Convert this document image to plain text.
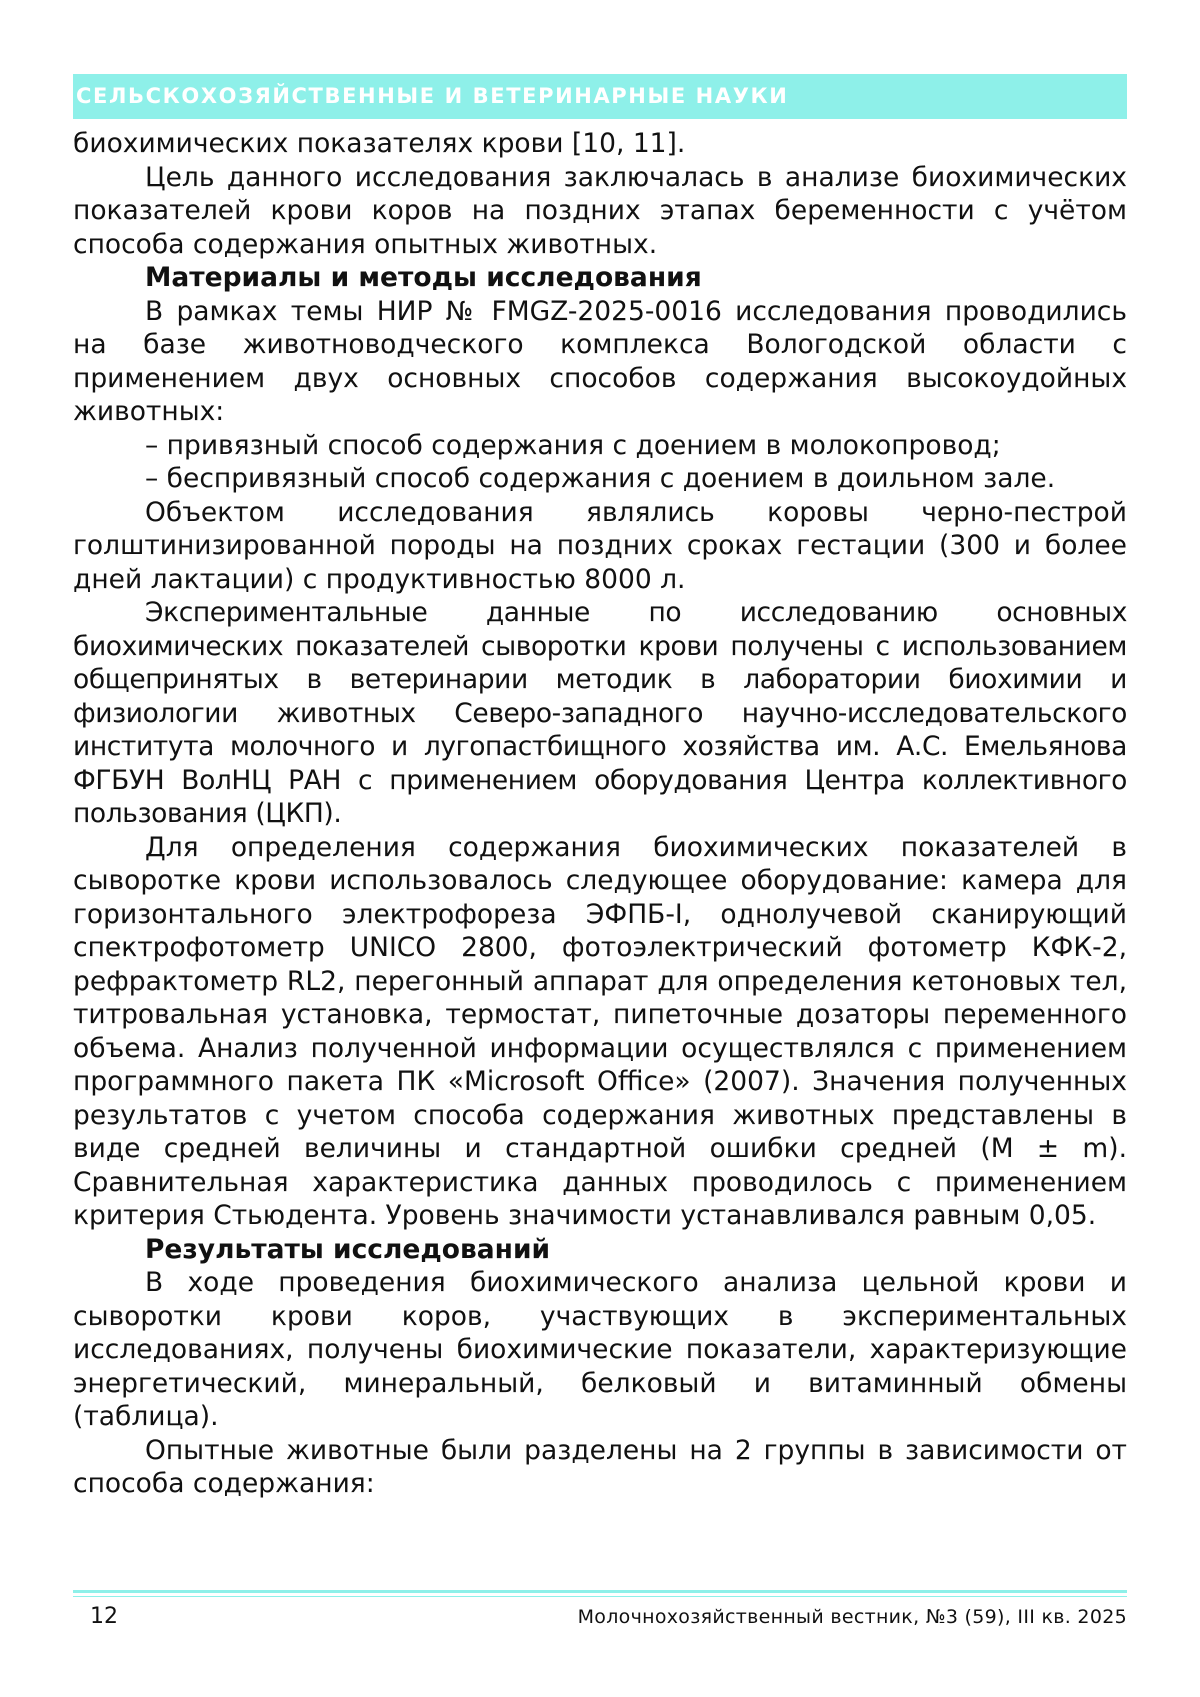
СЕЛЬСКОХОЗЯЙСТВЕННЫЕ И ВЕТЕРИНАРНЫЕ НАУКИ

биохимических показателях крови [10, 11].

Цель данного исследования заключалась в анализе биохимических показателей крови коров на поздних этапах беременности с учётом способа содержания опытных животных.

Материалы и методы исследования

В рамках темы НИР № FMGZ-2025-0016 исследования проводились на базе животноводческого комплекса Вологодской области с применением двух основных способов содержания высокоудойных животных:

– привязный способ содержания с доением в молокопровод;

– беспривязный способ содержания с доением в доильном зале.

Объектом исследования являлись коровы черно-пестрой голштинизированной породы на поздних сроках гестации (300 и более дней лактации) с продуктивностью 8000 л.

Экспериментальные данные по исследованию основных биохимических показателей сыворотки крови получены с использованием общепринятых в ветеринарии методик в лаборатории биохимии и физиологии животных Северо-западного научно-исследовательского института молочного и лугопастбищного хозяйства им. А.С. Емельянова ФГБУН ВолНЦ РАН с применением оборудования Центра коллективного пользования (ЦКП).

Для определения содержания биохимических показателей в сыворотке крови использовалось следующее оборудование: камера для горизонтального электрофореза ЭФПБ-I, однолучевой сканиру­ющий спектрофотометр UNICO 2800, фотоэлектрический фотометр КФК-2, рефрактометр RL2, перегонный аппарат для определения кетоно­вых тел, титровальная установка, термостат, пипеточные дозаторы переменного объема. Анализ полученной информации осуществлялся с применением программного пакета ПК «Microsoft Office» (2007). Значения полученных результатов с учетом способа содержания животных представлены в виде средней величины и стандартной ошибки средней (M ± m). Сравнительная характеристика данных проводилось с применением критерия Стьюдента. Уровень значимости устанавливался равным 0,05.

Результаты исследований

В ходе проведения биохимического анализа цельной крови и сыворотки крови коров, участвующих в экспериментальных исследованиях, получены биохимические показатели, характеризу­ющие энергетический, минеральный, белковый и витаминный обмены (таблица).

Опытные животные были разделены на 2 группы в зависимости от способа содержания:

12	Молочнохозяйственный вестник, №3 (59), III кв. 2025
